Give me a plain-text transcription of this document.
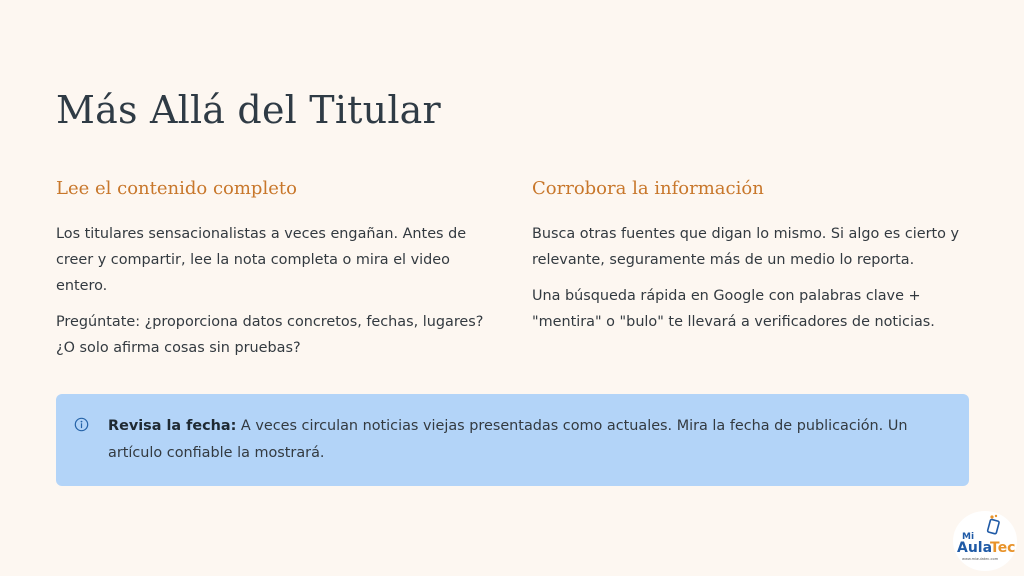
Más Allá del Titular
Lee el contenido completo

Los titulares sensacionalistas a veces engañan. Antes de creer y compartir, lee la nota completa o mira el video entero.

Pregúntate: ¿proporciona datos concretos, fechas, lugares? ¿O solo afirma cosas sin pruebas?

Corrobora la información

Busca otras fuentes que digan lo mismo. Si algo es cierto y relevante, seguramente más de un medio lo reporta.

Una búsqueda rápida en Google con palabras clave + "mentira" o "bulo" te llevará a verificadores de noticias.

Revisa la fecha: A veces circulan noticias viejas presentadas como actuales. Mira la fecha de publicación. Un artículo confiable la mostrará.
Mi
Aula
Tec
www.miaulatec.com
